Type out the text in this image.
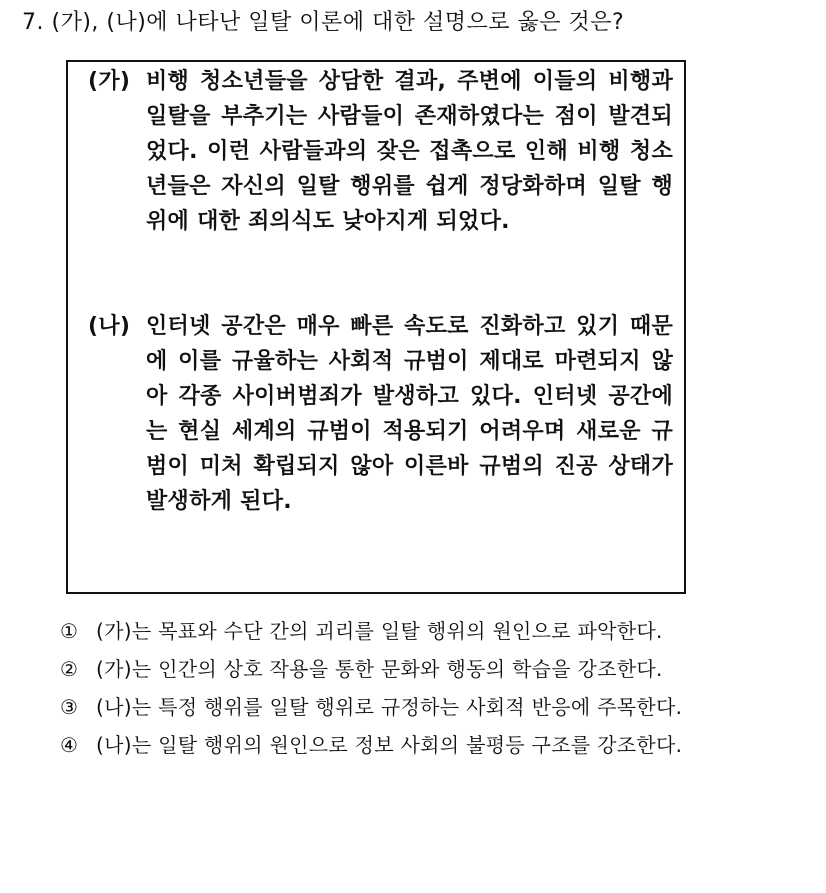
7. (가), (나)에 나타난 일탈 이론에 대한 설명으로 옳은 것은?
(가) 비행 청소년들을 상담한 결과, 주변에 이들의 비행과 일탈을 부추기는 사람들이 존재하였다는 점이 발견되었다. 이런 사람들과의 잦은 접촉으로 인해 비행 청소년들은 자신의 일탈 행위를 쉽게 정당화하며 일탈 행위에 대한 죄의식도 낮아지게 되었다.
(나) 인터넷 공간은 매우 빠른 속도로 진화하고 있기 때문에 이를 규율하는 사회적 규범이 제대로 마련되지 않아 각종 사이버범죄가 발생하고 있다. 인터넷 공간에는 현실 세계의 규범이 적용되기 어려우며 새로운 규범이 미처 확립되지 않아 이른바 규범의 진공 상태가 발생하게 된다.
① (가)는 목표와 수단 간의 괴리를 일탈 행위의 원인으로 파악한다.
② (가)는 인간의 상호 작용을 통한 문화와 행동의 학습을 강조한다.
③ (나)는 특정 행위를 일탈 행위로 규정하는 사회적 반응에 주목한다.
④ (나)는 일탈 행위의 원인으로 정보 사회의 불평등 구조를 강조한다.
